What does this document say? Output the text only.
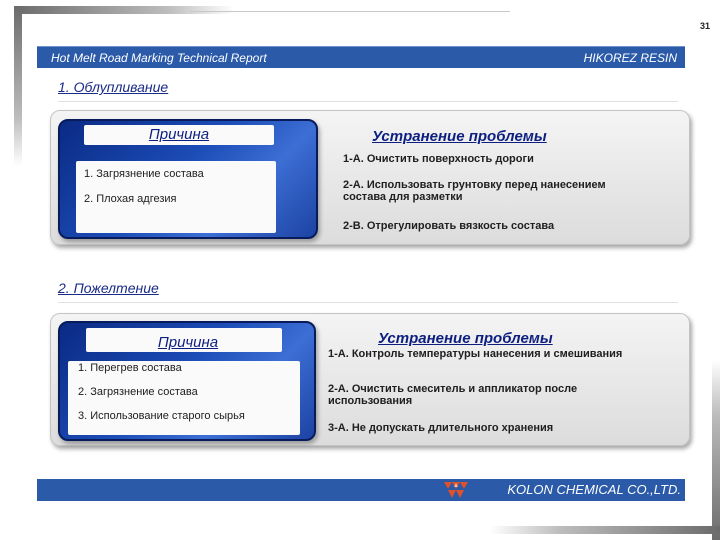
31
Hot Melt Road Marking Technical Report	HIKOREZ RESIN
1. Облупливание
Причина
1. Загрязнение состава
2. Плохая адгезия
Устранение проблемы
1-А. Очистить поверхность дороги
2-А. Использовать грунтовку перед нанесением состава для разметки
2-В. Отрегулировать вязкость состава
2. Пожелтение
Причина
1. Перегрев состава
2. Загрязнение состава
3. Использование старого сырья
Устранение проблемы
1-А. Контроль температуры нанесения и смешивания
2-А. Очистить смеситель и аппликатор после использования
3-А. Не допускать длительного хранения
KOLON CHEMICAL CO.,LTD.
